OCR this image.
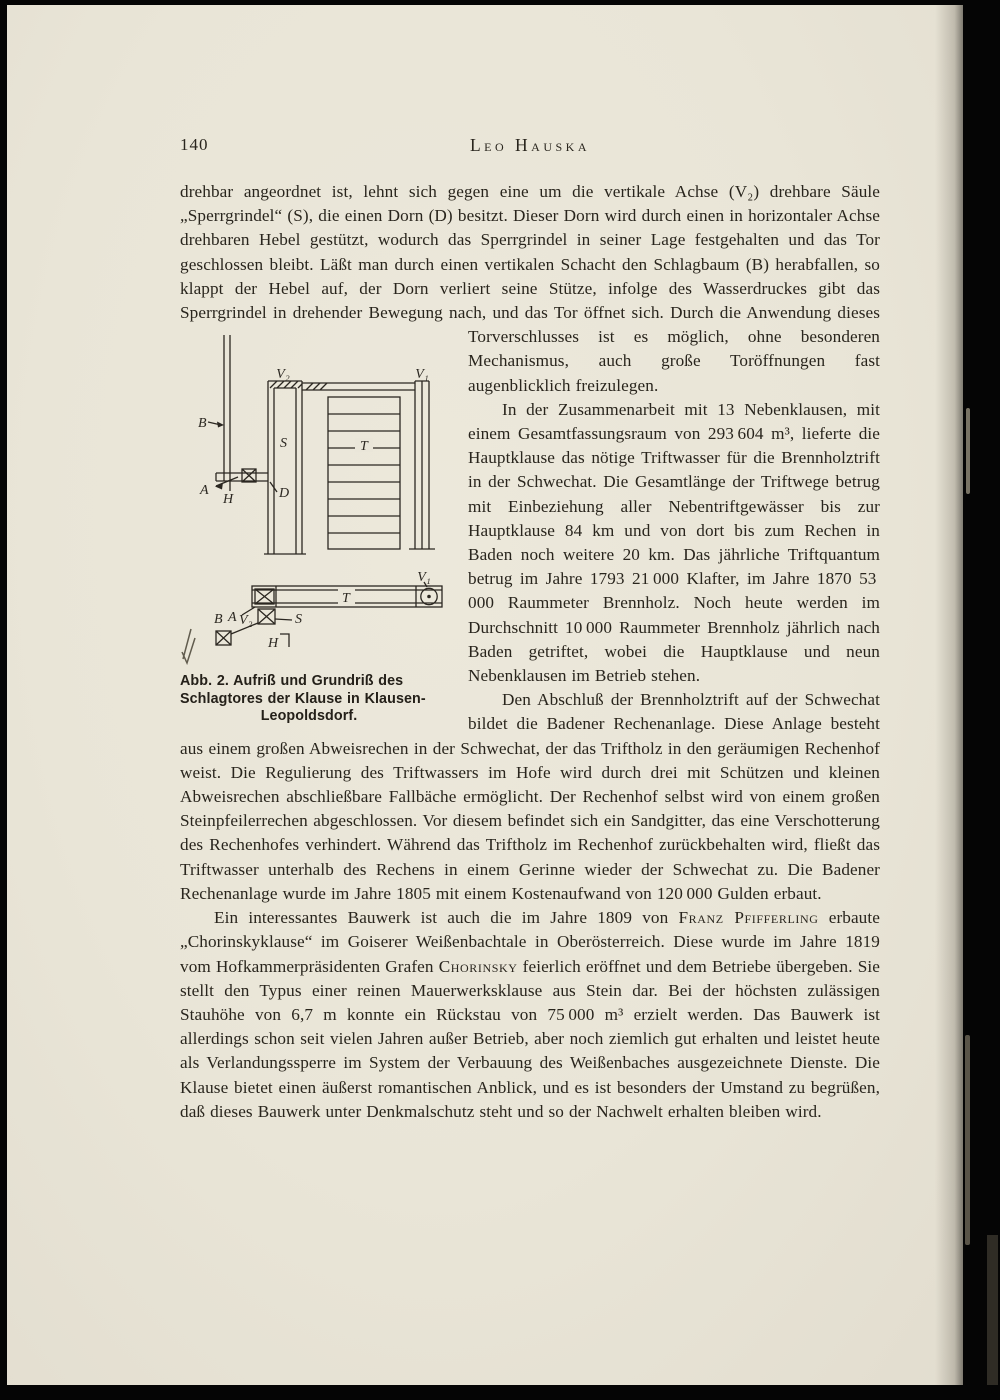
140	Leo Hauska

drehbar angeordnet ist, lehnt sich gegen eine um die vertikale Achse (V₂) drehbare Säule „Sperrgrindel“ (S), die einen Dorn (D) besitzt. Dieser Dorn wird durch einen in horizontaler Achse drehbaren Hebel gestützt, wodurch das Sperrgrindel in seiner Lage festgehalten und das Tor geschlossen bleibt. Läßt man durch einen vertikalen Schacht den Schlagbaum (B) herabfallen, so klappt der Hebel auf, der Dorn verliert seine Stütze, infolge des Wasserdruckes gibt das Sperrgrindel in drehender Bewegung nach, und das Tor öffnet sich. Durch die Anwendung dieses

V₂	V₁
B
S	T
A
H	D
V₁
T
B A V₂	S
H
Abb. 2. Aufriß und Grundriß des
Schlagtores der Klause in Klausen-
Leopoldsdorf.

Torverschlusses ist es möglich, ohne besonderen Mechanismus, auch große Toröffnungen fast augenblicklich freizulegen.

In der Zusammenarbeit mit 13 Nebenklausen, mit einem Gesamtfassungsraum von 293 604 m³, lieferte die Hauptklause das nötige Triftwasser für die Brennholztrift in der Schwechat. Die Gesamtlänge der Triftwege betrug mit Einbeziehung aller Nebentriftgewässer bis zur Hauptklause 84 km und von dort bis zum Rechen in Baden noch weitere 20 km. Das jährliche Triftquantum betrug im Jahre 1793 21 000 Klafter, im Jahre 1870 53 000 Raummeter Brennholz. Noch heute werden im Durchschnitt 10 000 Raummeter Brennholz jährlich nach Baden getriftet, wobei die Hauptklause und neun Nebenklausen im Betrieb stehen.

Den Abschluß der Brennholztrift auf der Schwechat bildet die Badener Rechenanlage. Diese Anlage besteht aus einem großen Abweisrechen in der Schwechat, der das Triftholz in den geräumigen Rechenhof weist. Die Regulierung des Triftwassers im Hofe wird durch drei mit Schützen und kleinen Abweisrechen abschließbare Fallbäche ermöglicht. Der Rechenhof selbst wird von einem großen Steinpfeilerrechen abgeschlossen. Vor diesem befindet sich ein Sandgitter, das eine Verschotterung des Rechenhofes verhindert. Während das Triftholz im Rechenhof zurückbehalten wird, fließt das Triftwasser unterhalb des Rechens in einem Gerinne wieder der Schwechat zu. Die Badener Rechenanlage wurde im Jahre 1805 mit einem Kostenaufwand von 120 000 Gulden erbaut.

Ein interessantes Bauwerk ist auch die im Jahre 1809 von Franz Pfifferling erbaute „Chorinskyklause“ im Goiserer Weißenbachtale in Oberösterreich. Diese wurde im Jahre 1819 vom Hofkammerpräsidenten Grafen Chorinsky feierlich eröffnet und dem Betriebe übergeben. Sie stellt den Typus einer reinen Mauerwerksklause aus Stein dar. Bei der höchsten zulässigen Stauhöhe von 6,7 m konnte ein Rückstau von 75 000 m³ erzielt werden. Das Bauwerk ist allerdings schon seit vielen Jahren außer Betrieb, aber noch ziemlich gut erhalten und leistet heute als Verlandungssperre im System der Verbauung des Weißenbaches ausgezeichnete Dienste. Die Klause bietet einen äußerst romantischen Anblick, und es ist besonders der Umstand zu begrüßen, daß dieses Bauwerk unter Denkmalschutz steht und so der Nachwelt erhalten bleiben wird.
